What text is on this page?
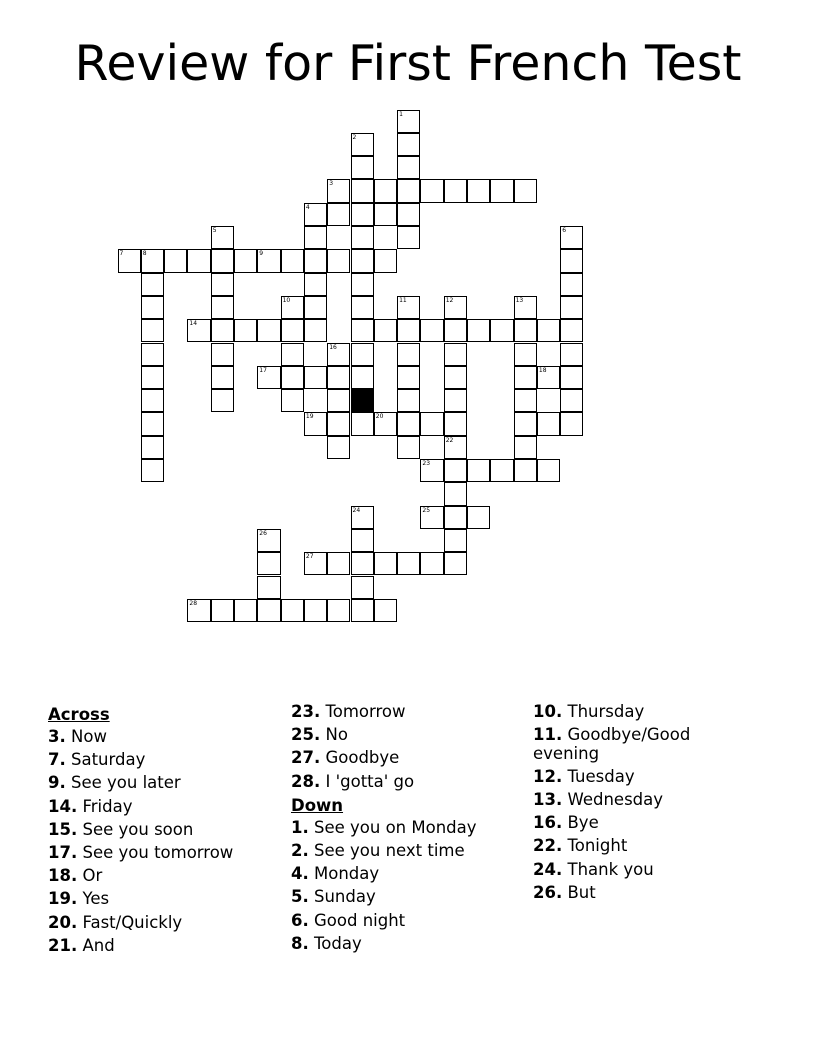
Review for First French Test
1
2
3
4
5	6
7	8	9
10	11	12	13
14
16
17	18
19	20
22
23
24	25
26
27
28
Across
3. Now
7. Saturday
9. See you later
14. Friday
15. See you soon
17. See you tomorrow
18. Or
19. Yes
20. Fast/Quickly
21. And
23. Tomorrow
25. No
27. Goodbye
28. I 'gotta' go
Down
1. See you on Monday
2. See you next time
4. Monday
5. Sunday
6. Good night
8. Today
10. Thursday
11. Goodbye/Good evening
12. Tuesday
13. Wednesday
16. Bye
22. Tonight
24. Thank you
26. But
